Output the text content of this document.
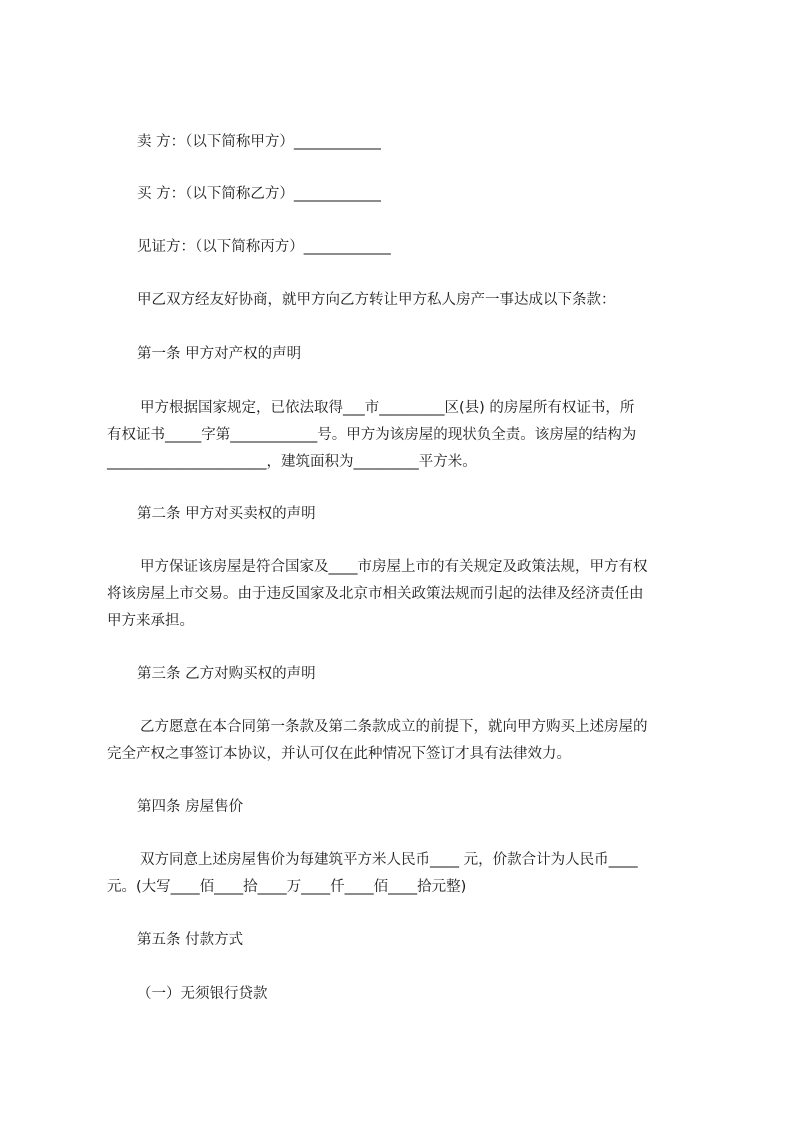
卖 方：（以下简称甲方）____________
买 方：（以下简称乙方）____________
见证方：（以下简称丙方）____________
甲乙双方经友好协商，就甲方向乙方转让甲方私人房产一事达成以下条款：
第一条 甲方对产权的声明
甲方根据国家规定，已依法取得___市_________区(县) 的房屋所有权证书，所
有权证书_____字第____________号。甲方为该房屋的现状负全责。该房屋的结构为
______________________，建筑面积为_________平方米。
第二条 甲方对买卖权的声明
甲方保证该房屋是符合国家及____市房屋上市的有关规定及政策法规，甲方有权
将该房屋上市交易。由于违反国家及北京市相关政策法规而引起的法律及经济责任由
甲方来承担。
第三条 乙方对购买权的声明
乙方愿意在本合同第一条款及第二条款成立的前提下，就向甲方购买上述房屋的
完全产权之事签订本协议，并认可仅在此种情况下签订才具有法律效力。
第四条 房屋售价
双方同意上述房屋售价为每建筑平方米人民币____ 元，价款合计为人民币____
元。(大写____佰____拾____万____仟____佰____拾元整)
第五条 付款方式
（一）无须银行贷款
